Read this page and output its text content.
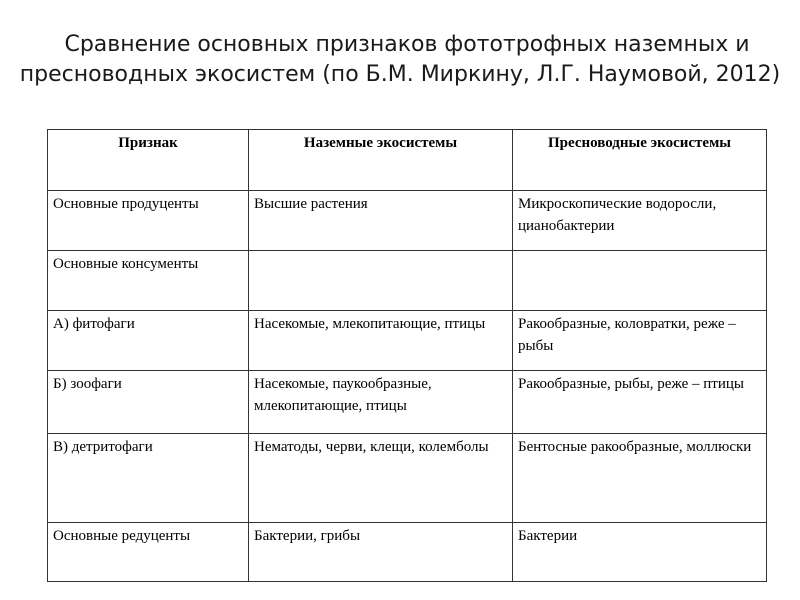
Сравнение основных признаков фототрофных наземных и
пресноводных экосистем (по Б.М. Миркину, Л.Г. Наумовой, 2012)
Признак	Наземные экосистемы	Пресноводные экосистемы
Основные продуценты	Высшие растения	Микроскопические водоросли, цианобактерии
Основные консументы		
А) фитофаги	Насекомые, млекопитающие, птицы	Ракообразные, коловратки, реже – рыбы
Б) зоофаги	Насекомые, паукообразные, млекопитающие, птицы	Ракообразные, рыбы, реже – птицы
В) детритофаги	Нематоды, черви, клещи, колемболы	Бентосные ракообразные, моллюски
Основные редуценты	Бактерии, грибы	Бактерии
